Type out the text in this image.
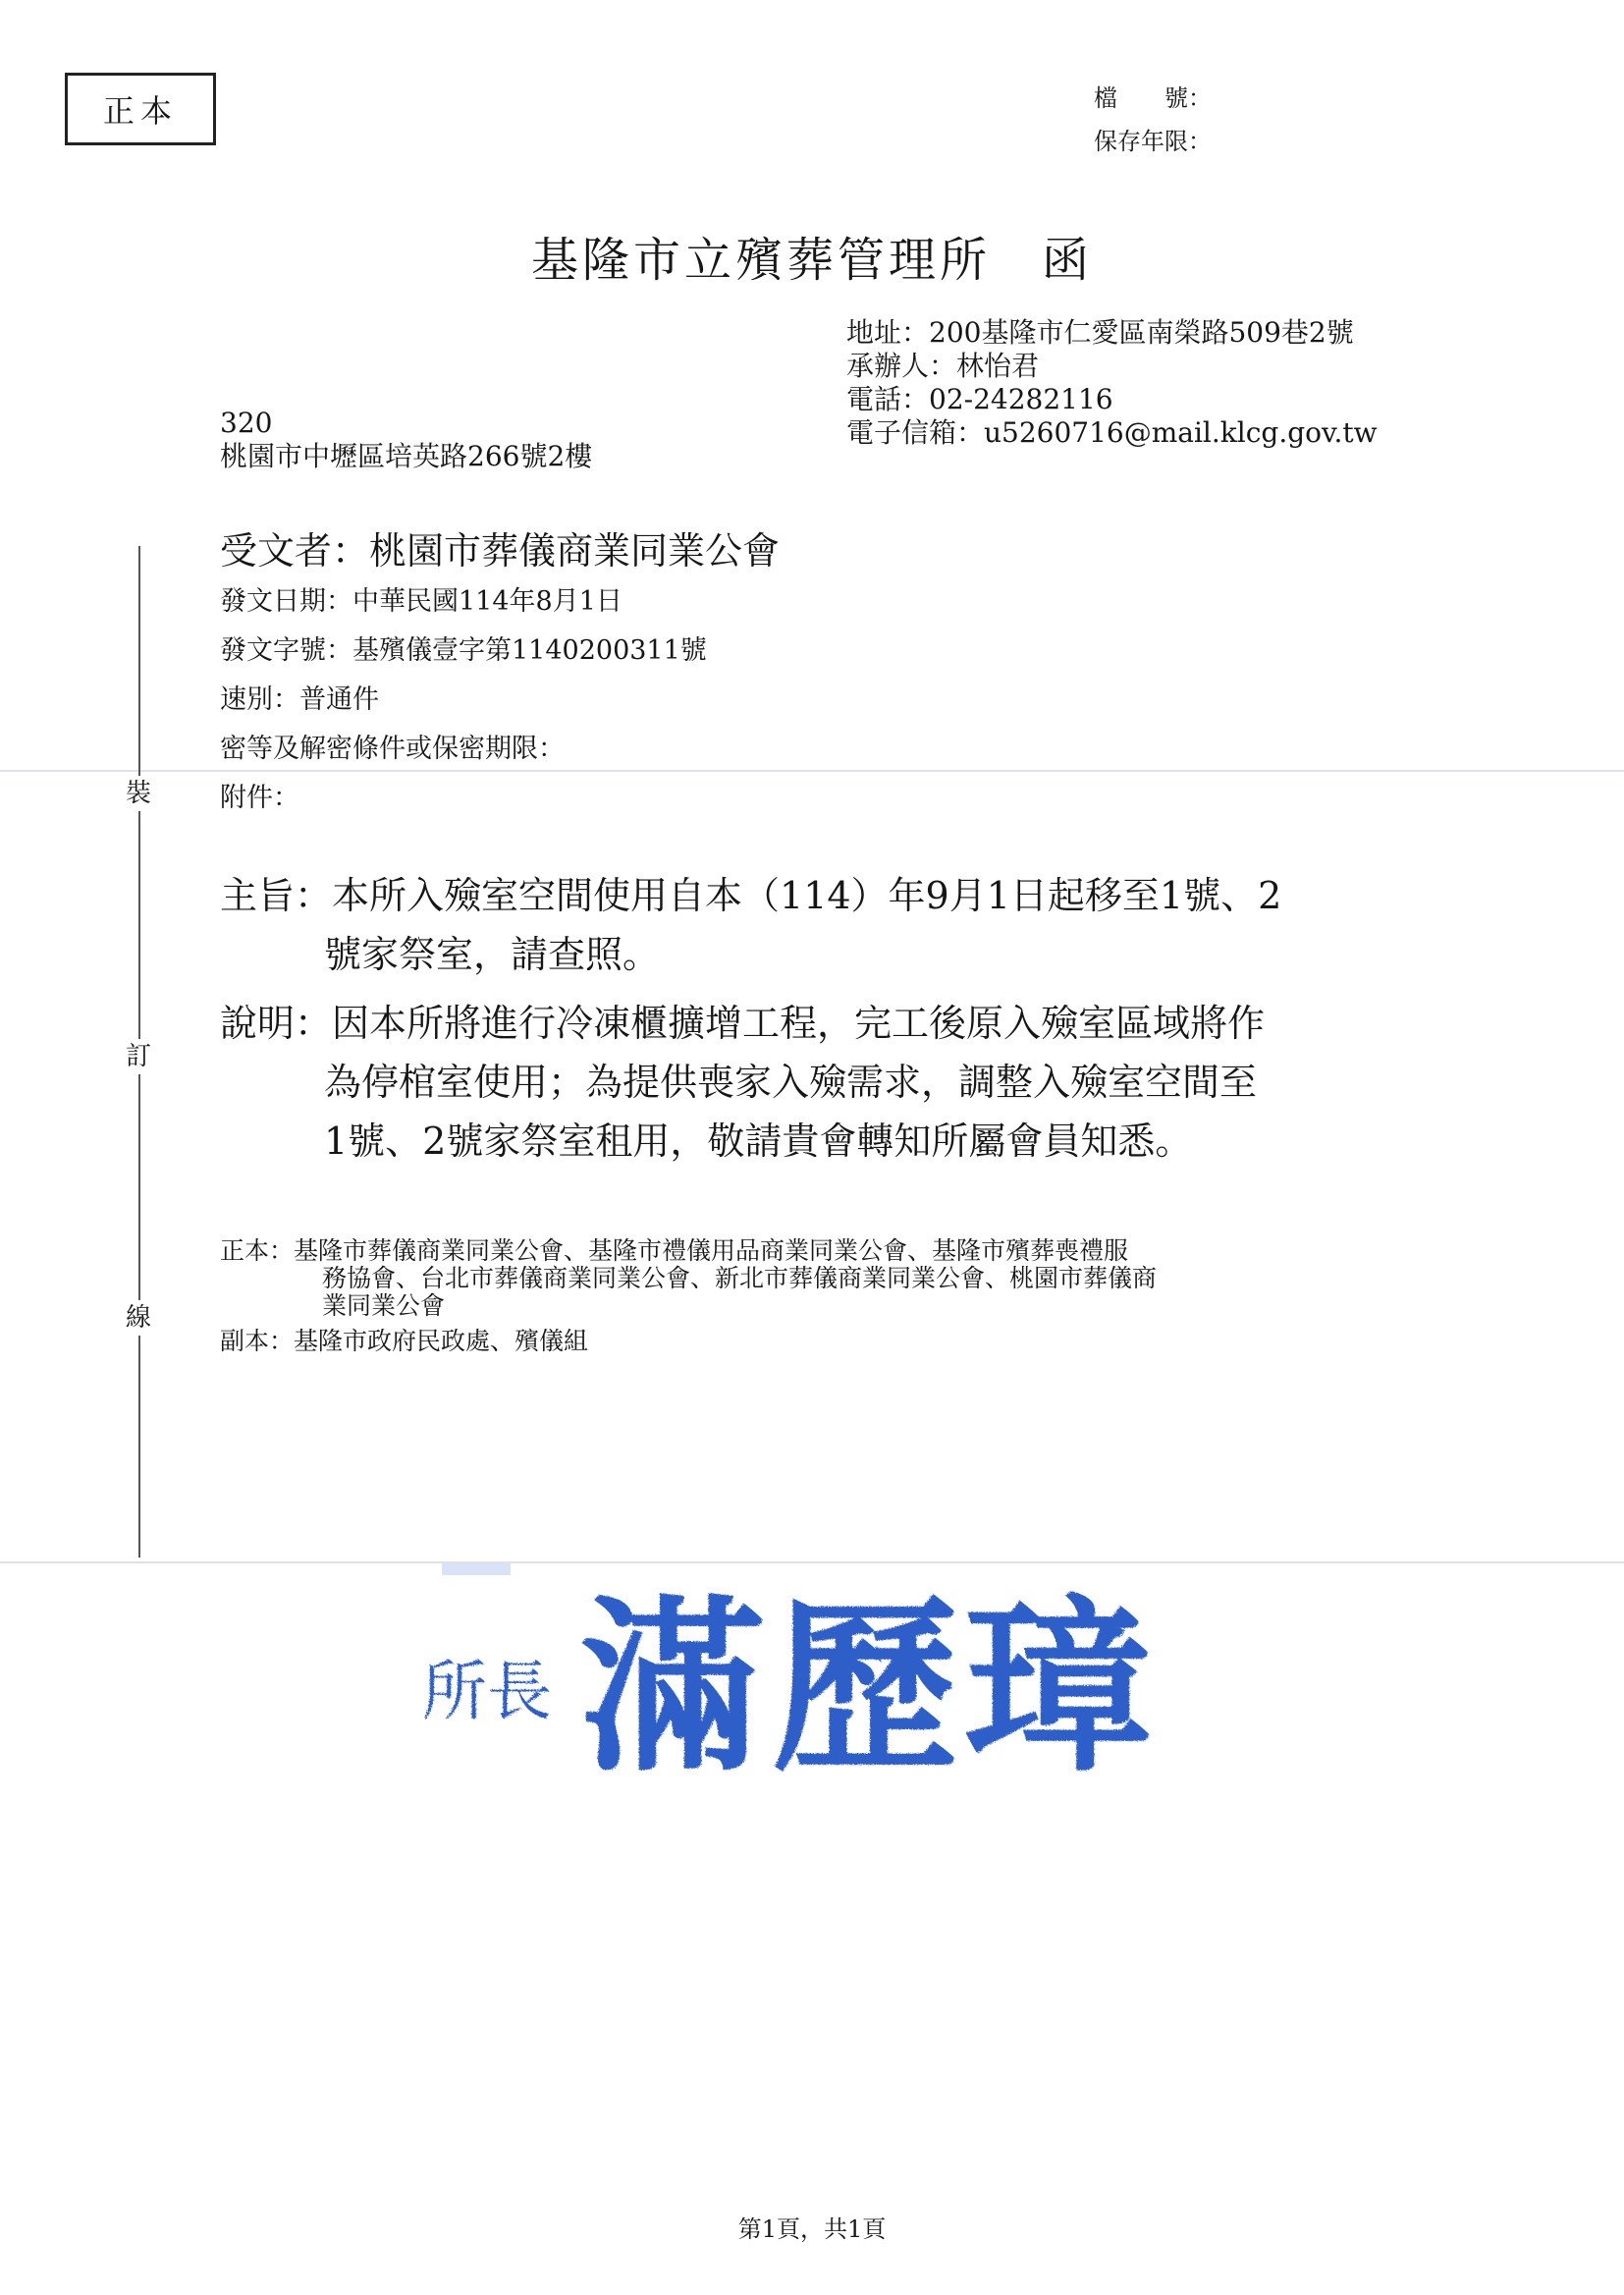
正本	檔　　號：
保存年限：
基隆市立殯葬管理所　函
地址：200基隆市仁愛區南榮路509巷2號
承辦人：林怡君
電話：02-24282116
電子信箱：u5260716@mail.klcg.gov.tw
320
桃園市中壢區培英路266號2樓
受文者：桃園市葬儀商業同業公會
發文日期：中華民國114年8月1日
發文字號：基殯儀壹字第1140200311號
速別：普通件
密等及解密條件或保密期限：
附件：
主旨：本所入殮室空間使用自本（114）年9月1日起移至1號、2
號家祭室，請查照。
說明：因本所將進行冷凍櫃擴增工程，完工後原入殮室區域將作
為停棺室使用；為提供喪家入殮需求，調整入殮室空間至
1號、2號家祭室租用，敬請貴會轉知所屬會員知悉。
正本：基隆市葬儀商業同業公會、基隆市禮儀用品商業同業公會、基隆市殯葬喪禮服
務協會、台北市葬儀商業同業公會、新北市葬儀商業同業公會、桃園市葬儀商
業同業公會
副本：基隆市政府民政處、殯儀組
裝
訂
線
所長 滿歷璋
第1頁，共1頁
